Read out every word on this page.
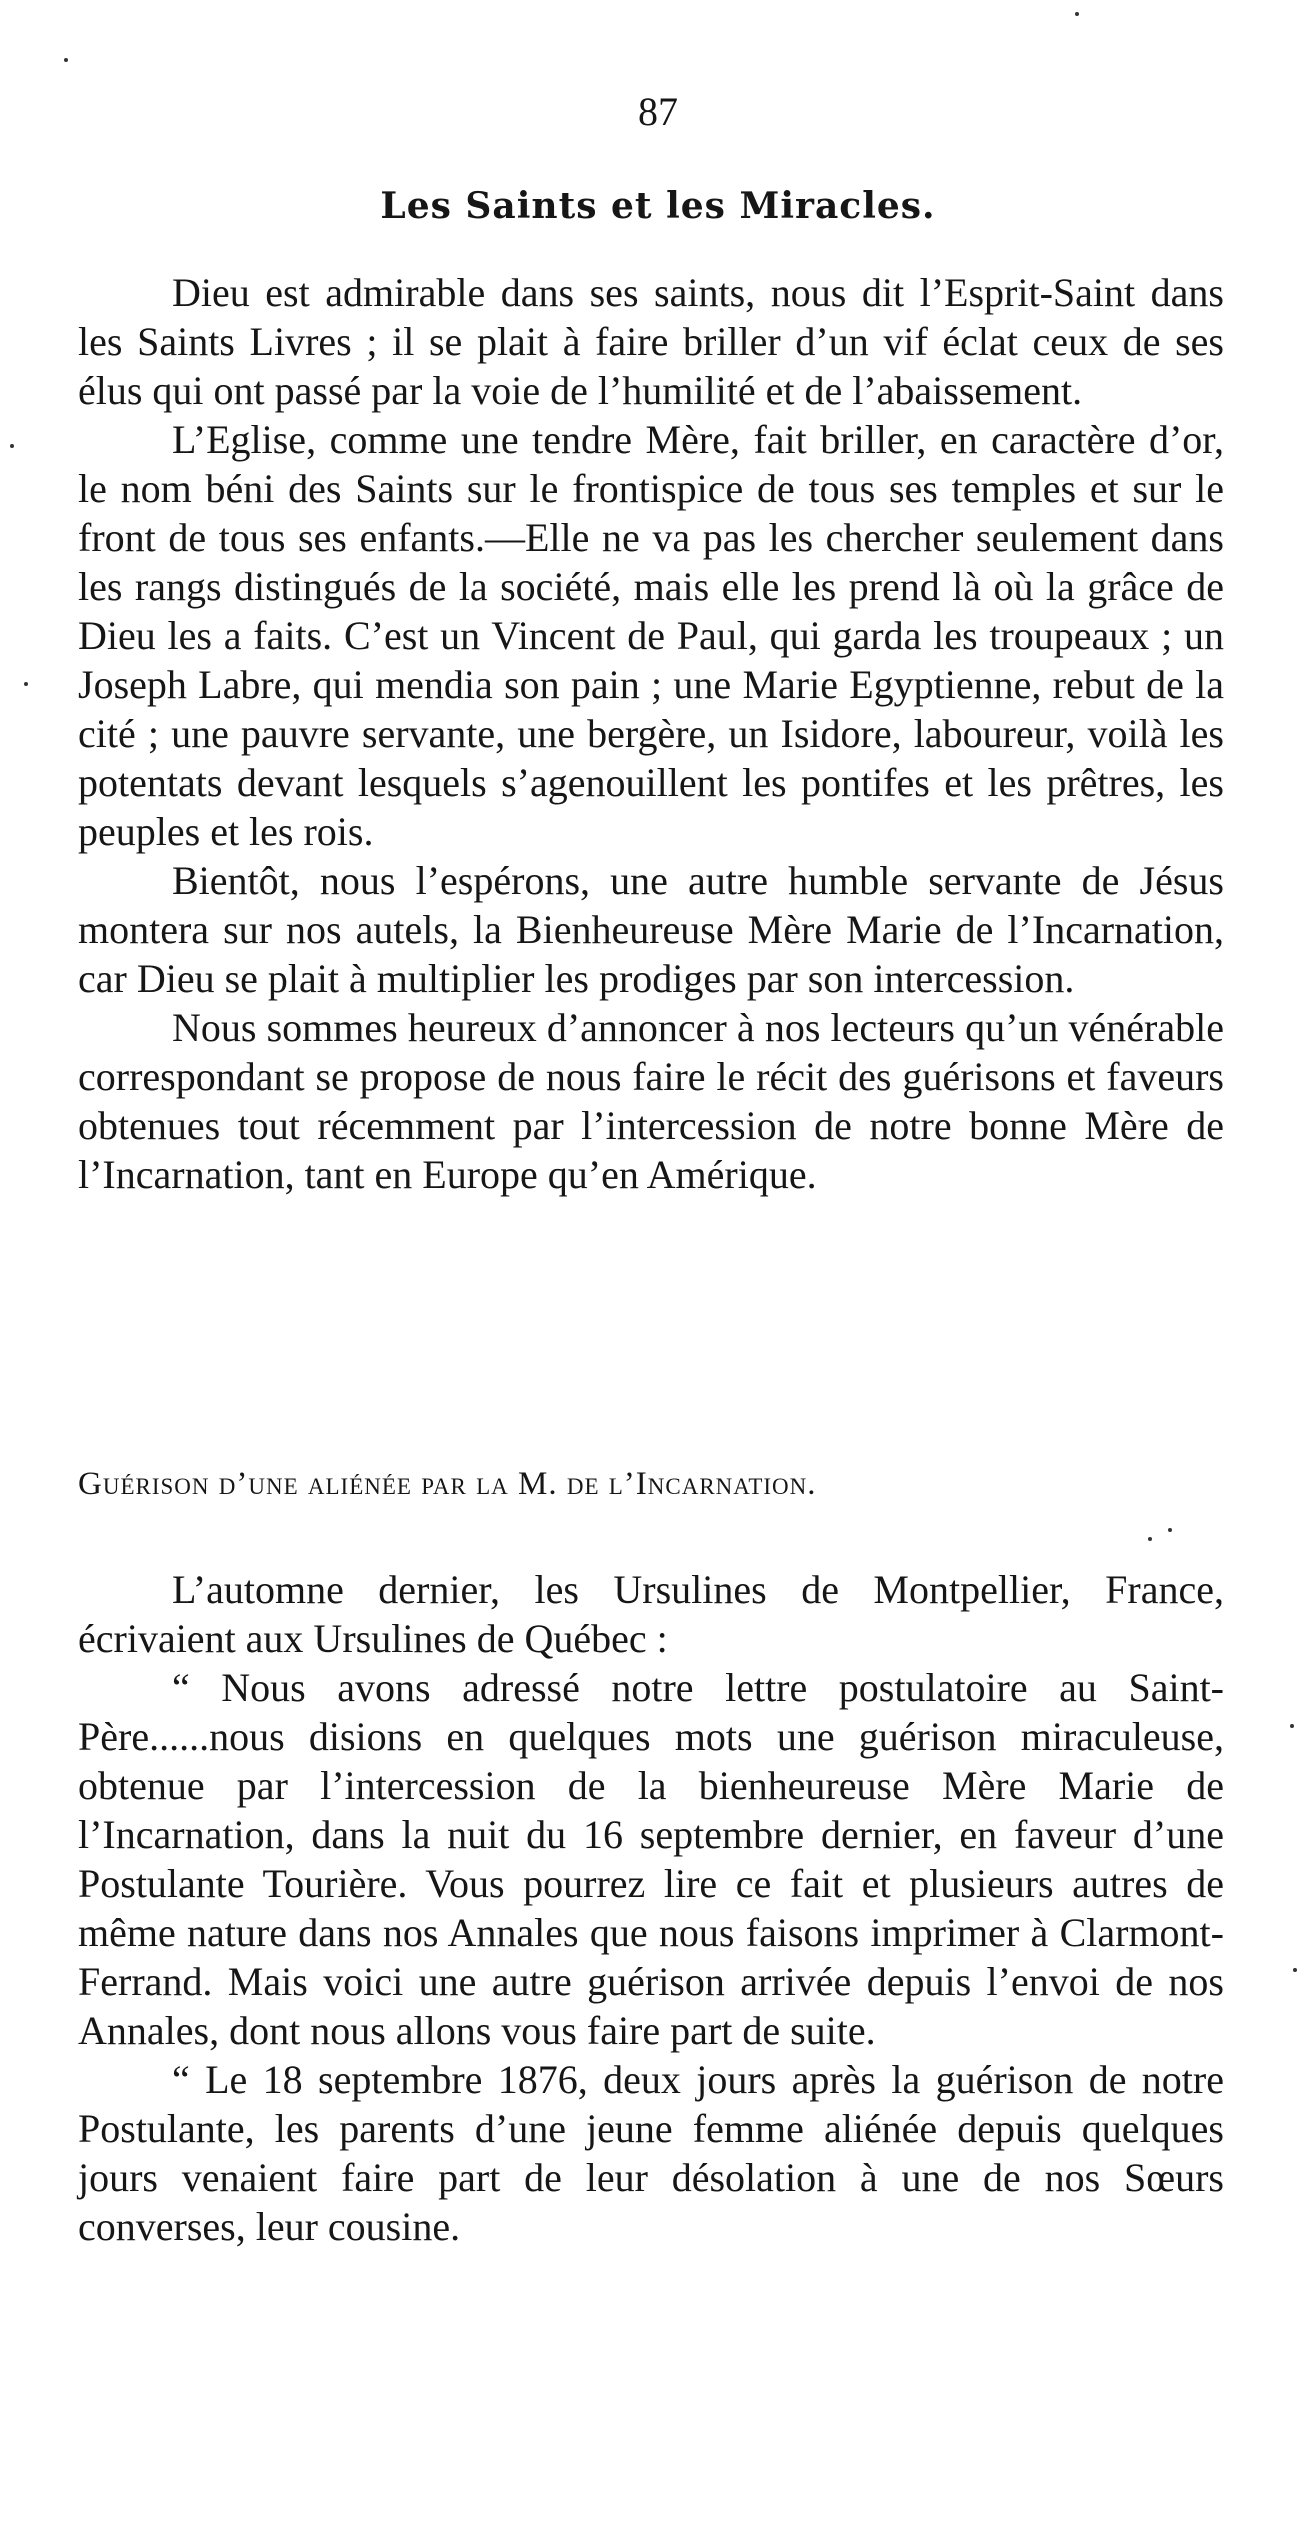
87
Les Saints et les Miracles.

Dieu est admirable dans ses saints, nous dit l’Esprit-Saint dans les Saints Livres ; il se plait à faire briller d’un vif éclat ceux de ses élus qui ont passé par la voie de l’humilité et de l’abaissement.

L’Eglise, comme une tendre Mère, fait briller, en caractère d’or, le nom béni des Saints sur le frontispice de tous ses temples et sur le front de tous ses enfants.—Elle ne va pas les chercher seulement dans les rangs distingués de la société, mais elle les prend là où la grâce de Dieu les a faits. C’est un Vincent de Paul, qui garda les troupeaux ; un Joseph Labre, qui mendia son pain ; une Marie Egyptienne, rebut de la cité ; une pauvre servante, une bergère, un Isidore, laboureur, voilà les potentats devant lesquels s’agenouillent les pontifes et les prêtres, les peuples et les rois.

Bientôt, nous l’espérons, une autre humble servante de Jésus montera sur nos autels, la Bienheureuse Mère Marie de l’Incarnation, car Dieu se plait à multiplier les prodiges par son intercession.

Nous sommes heureux d’annoncer à nos lecteurs qu’un vénérable correspondant se propose de nous faire le récit des guérisons et faveurs obtenues tout récemment par l’intercession de notre bonne Mère de l’Incarnation, tant en Europe qu’en Amérique.

Guérison d’une aliénée par la M. de l’Incarnation.

L’automne dernier, les Ursulines de Montpellier, France, écrivaient aux Ursulines de Québec :

“ Nous avons adressé notre lettre postulatoire au Saint-Père......nous disions en quelques mots une guérison miraculeuse, obtenue par l’intercession de la bienheureuse Mère Marie de l’Incarnation, dans la nuit du 16 septembre dernier, en faveur d’une Postulante Tourière. Vous pourrez lire ce fait et plusieurs autres de même nature dans nos Annales que nous faisons imprimer à Clarmont-Ferrand. Mais voici une autre guérison arrivée depuis l’envoi de nos Annales, dont nous allons vous faire part de suite.

“ Le 18 septembre 1876, deux jours après la guérison de notre Postulante, les parents d’une jeune femme aliénée depuis quelques jours venaient faire part de leur désolation à une de nos Sœurs converses, leur cousine.
